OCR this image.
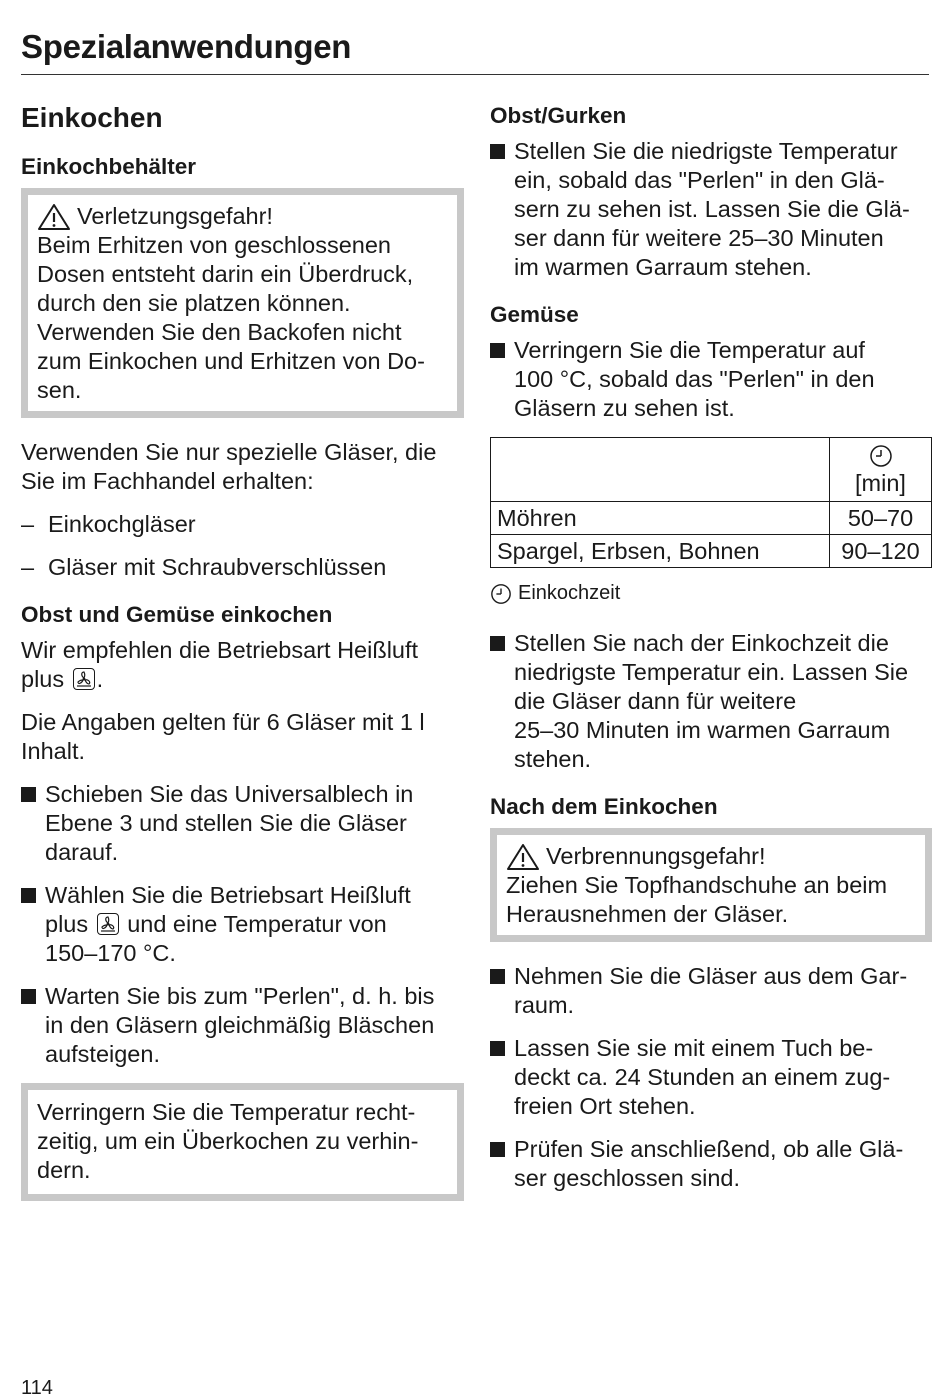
Spezialanwendungen
Einkochen
Einkochbehälter

Verletzungsgefahr!

Beim Erhitzen von geschlossenen

Dosen entsteht darin ein Überdruck,

durch den sie platzen können.

Verwenden Sie den Backofen nicht

zum Einkochen und Erhitzen von Do-

sen.

Verwenden Sie nur spezielle Gläser, die

Sie im Fachhandel erhalten:

– Einkochgläser
– Gläser mit Schraubverschlüssen
Obst und Gemüse einkochen

Wir empfehlen die Betriebsart Heißluft

plus .

Die Angaben gelten für 6 Gläser mit 1 l

Inhalt.

Schieben Sie das Universalblech in

Ebene 3 und stellen Sie die Gläser

darauf.

Wählen Sie die Betriebsart Heißluft

plus und eine Temperatur von

150–170 °C.

Warten Sie bis zum "Perlen", d. h. bis

in den Gläsern gleichmäßig Bläschen

aufsteigen.

Verringern Sie die Temperatur recht-

zeitig, um ein Überkochen zu verhin-

dern.

Obst/Gurken

Stellen Sie die niedrigste Temperatur

ein, sobald das "Perlen" in den Glä-

sern zu sehen ist. Lassen Sie die Glä-

ser dann für weitere 25–30 Minuten

im warmen Garraum stehen.

Gemüse

Verringern Sie die Temperatur auf

100 °C, sobald das "Perlen" in den

Gläsern zu sehen ist.

[min]
Möhren	50–70
Spargel, Erbsen, Bohnen	90–120
Einkochzeit

Stellen Sie nach der Einkochzeit die

niedrigste Temperatur ein. Lassen Sie

die Gläser dann für weitere

25–30 Minuten im warmen Garraum

stehen.

Nach dem Einkochen

Verbrennungsgefahr!

Ziehen Sie Topfhandschuhe an beim

Herausnehmen der Gläser.

Nehmen Sie die Gläser aus dem Gar-

raum.

Lassen Sie sie mit einem Tuch be-

deckt ca. 24 Stunden an einem zug-

freien Ort stehen.

Prüfen Sie anschließend, ob alle Glä-

ser geschlossen sind.

114
